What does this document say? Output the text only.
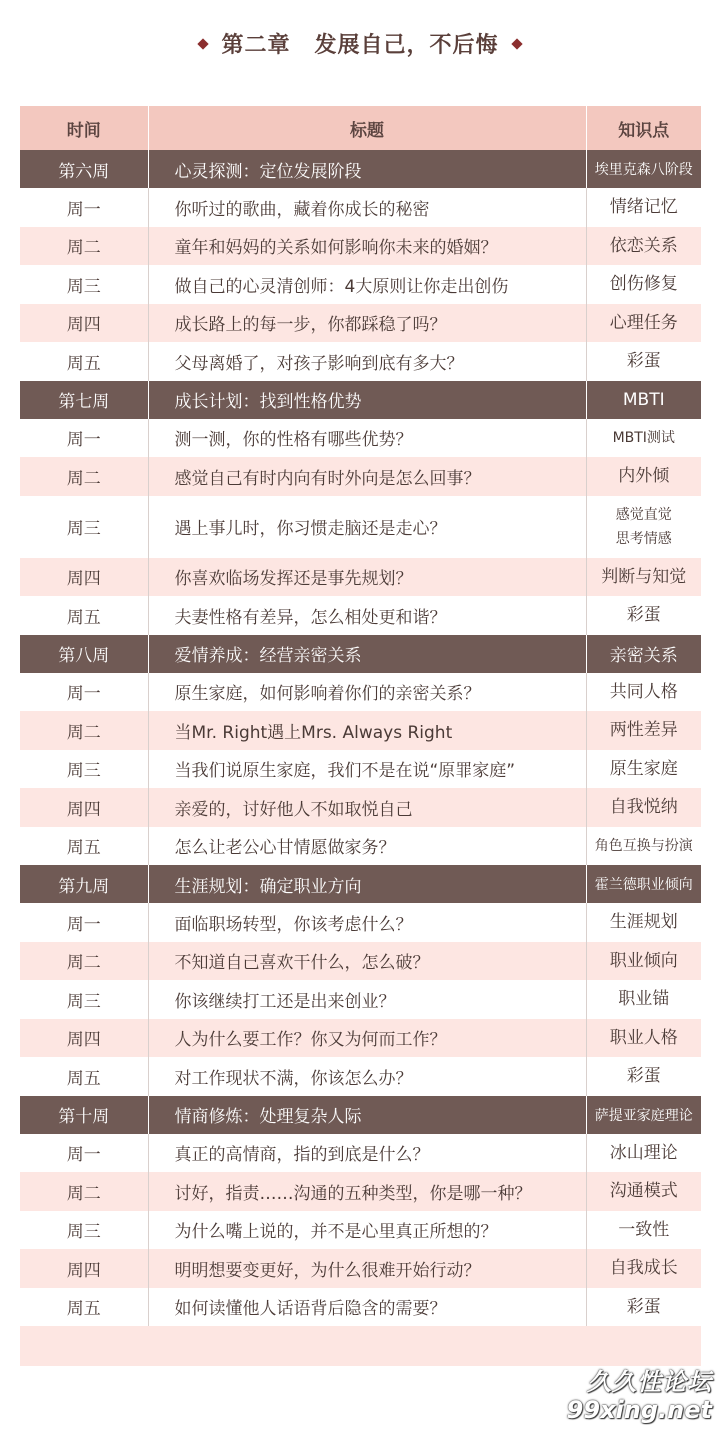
第二章 发展自己，不后悔
时间	标题	知识点
第六周	心灵探测：定位发展阶段	埃里克森八阶段
周一	你听过的歌曲，藏着你成长的秘密	情绪记忆

周二	童年和妈妈的关系如何影响你未来的婚姻？	依恋关系

周三	做自己的心灵清创师：4大原则让你走出创伤	创伤修复

周四	成长路上的每一步，你都踩稳了吗？	心理任务

周五	父母离婚了，对孩子影响到底有多大？	彩蛋

第七周	成长计划：找到性格优势	MBTI
周一	测一测，你的性格有哪些优势？	MBTI测试

周二	感觉自己有时内向有时外向是怎么回事？	内外倾

周三	遇上事儿时，你习惯走脑还是走心？	感觉直觉
思考情感

周四	你喜欢临场发挥还是事先规划？	判断与知觉

周五	夫妻性格有差异，怎么相处更和谐？	彩蛋

第八周	爱情养成：经营亲密关系	亲密关系
周一	原生家庭，如何影响着你们的亲密关系？	共同人格

周二	当Mr. Right遇上Mrs. Always Right	两性差异

周三	当我们说原生家庭，我们不是在说“原罪家庭”	原生家庭

周四	亲爱的，讨好他人不如取悦自己	自我悦纳

周五	怎么让老公心甘情愿做家务？	角色互换与扮演

第九周	生涯规划：确定职业方向	霍兰德职业倾向
周一	面临职场转型，你该考虑什么？	生涯规划

周二	不知道自己喜欢干什么，怎么破？	职业倾向

周三	你该继续打工还是出来创业？	职业锚

周四	人为什么要工作？你又为何而工作？	职业人格

周五	对工作现状不满，你该怎么办？	彩蛋

第十周	情商修炼：处理复杂人际	萨提亚家庭理论
周一	真正的高情商，指的到底是什么？	冰山理论

周二	讨好，指责……沟通的五种类型，你是哪一种？	沟通模式

周三	为什么嘴上说的，并不是心里真正所想的？	一致性

周四	明明想要变更好，为什么很难开始行动？	自我成长

周五	如何读懂他人话语背后隐含的需要？	彩蛋

久久性论坛
99xing.net
